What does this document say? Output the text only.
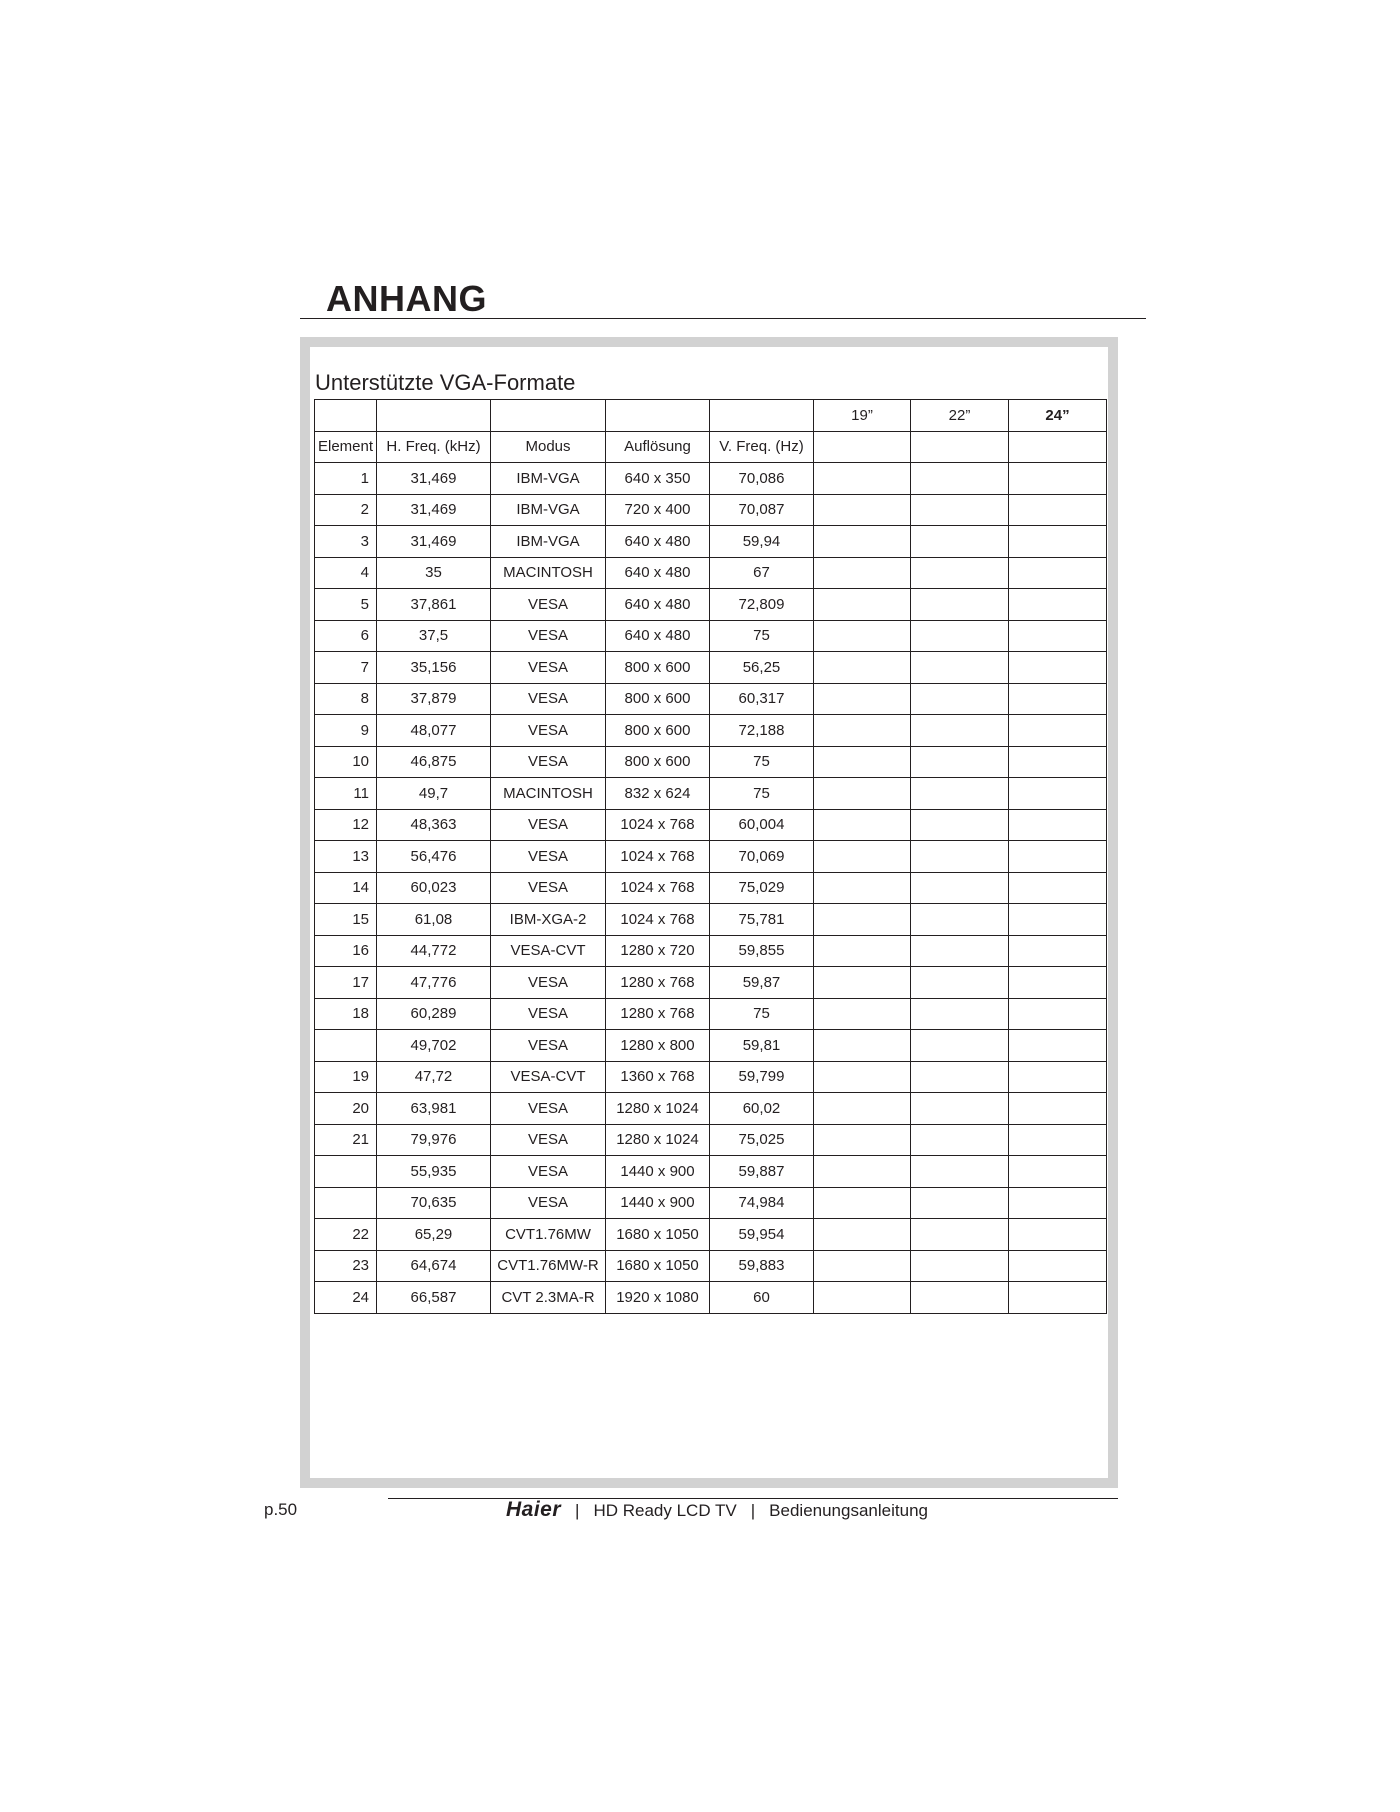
ANHANG
Unterstützte VGA-Formate
					19”	22”	24”
Element	H. Freq. (kHz)	Modus	Auflösung	V. Freq. (Hz)			
1	31,469	IBM-VGA	640 x 350	70,086			
2	31,469	IBM-VGA	720 x 400	70,087			
3	31,469	IBM-VGA	640 x 480	59,94			
4	35	MACINTOSH	640 x 480	67			
5	37,861	VESA	640 x 480	72,809			
6	37,5	VESA	640 x 480	75			
7	35,156	VESA	800 x 600	56,25			
8	37,879	VESA	800 x 600	60,317			
9	48,077	VESA	800 x 600	72,188			
10	46,875	VESA	800 x 600	75			
11	49,7	MACINTOSH	832 x 624	75			
12	48,363	VESA	1024 x 768	60,004			
13	56,476	VESA	1024 x 768	70,069			
14	60,023	VESA	1024 x 768	75,029			
15	61,08	IBM-XGA-2	1024 x 768	75,781			
16	44,772	VESA-CVT	1280 x 720	59,855			
17	47,776	VESA	1280 x 768	59,87			
18	60,289	VESA	1280 x 768	75			
	49,702	VESA	1280 x 800	59,81			
19	47,72	VESA-CVT	1360 x 768	59,799			
20	63,981	VESA	1280 x 1024	60,02			
21	79,976	VESA	1280 x 1024	75,025			
	55,935	VESA	1440 x 900	59,887			
	70,635	VESA	1440 x 900	74,984			
22	65,29	CVT1.76MW	1680 x 1050	59,954			
23	64,674	CVT1.76MW-R	1680 x 1050	59,883			
24	66,587	CVT 2.3MA-R	1920 x 1080	60			
p.50	Haier | HD Ready LCD TV | Bedienungsanleitung
